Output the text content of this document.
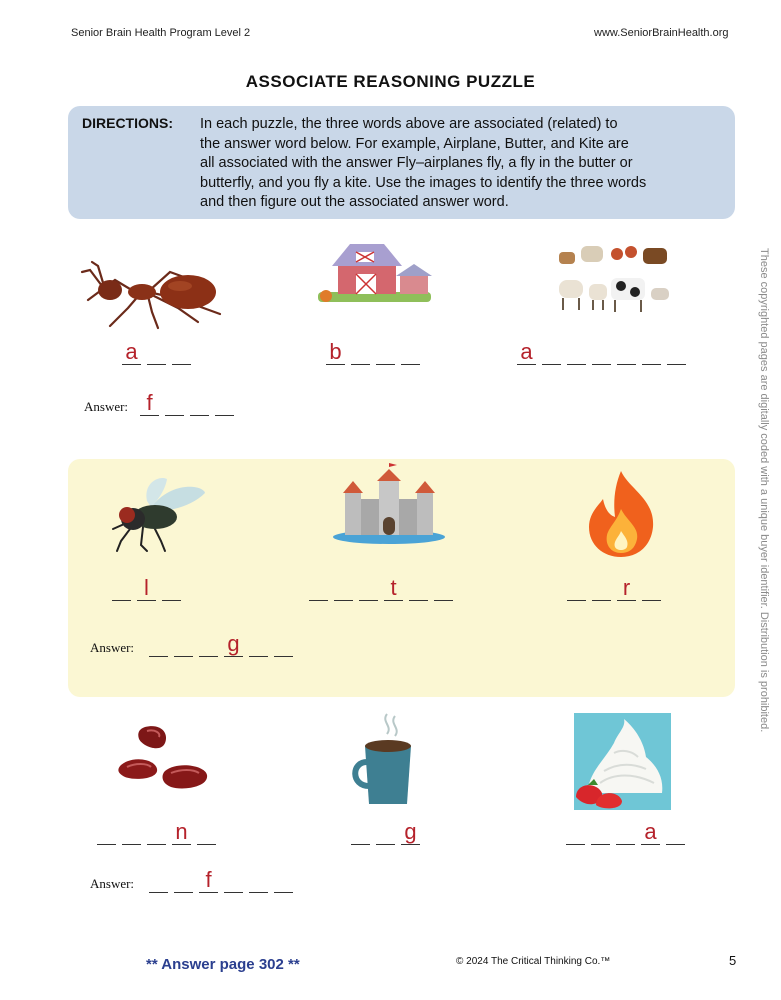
Senior Brain Health Program Level 2	www.SeniorBrainHealth.org
ASSOCIATE REASONING PUZZLE
DIRECTIONS: In each puzzle, the three words above are associated (related) to
the answer word below. For example, Airplane, Butter, and Kite are
all associated with the answer Fly–airplanes fly, a fly in the butter or
butterfly, and you fly a kite. Use the images to identify the three words
and then figure out the associated answer word.
These copyrighted pages are digitally coded with a unique buyer identifier. Distribution is prohibited.
a	b	a
Answer: f
l	t	r
Answer:	g
n	g	a
Answer:	f
** Answer page 302 **	© 2024 The Critical Thinking Co.™	5
